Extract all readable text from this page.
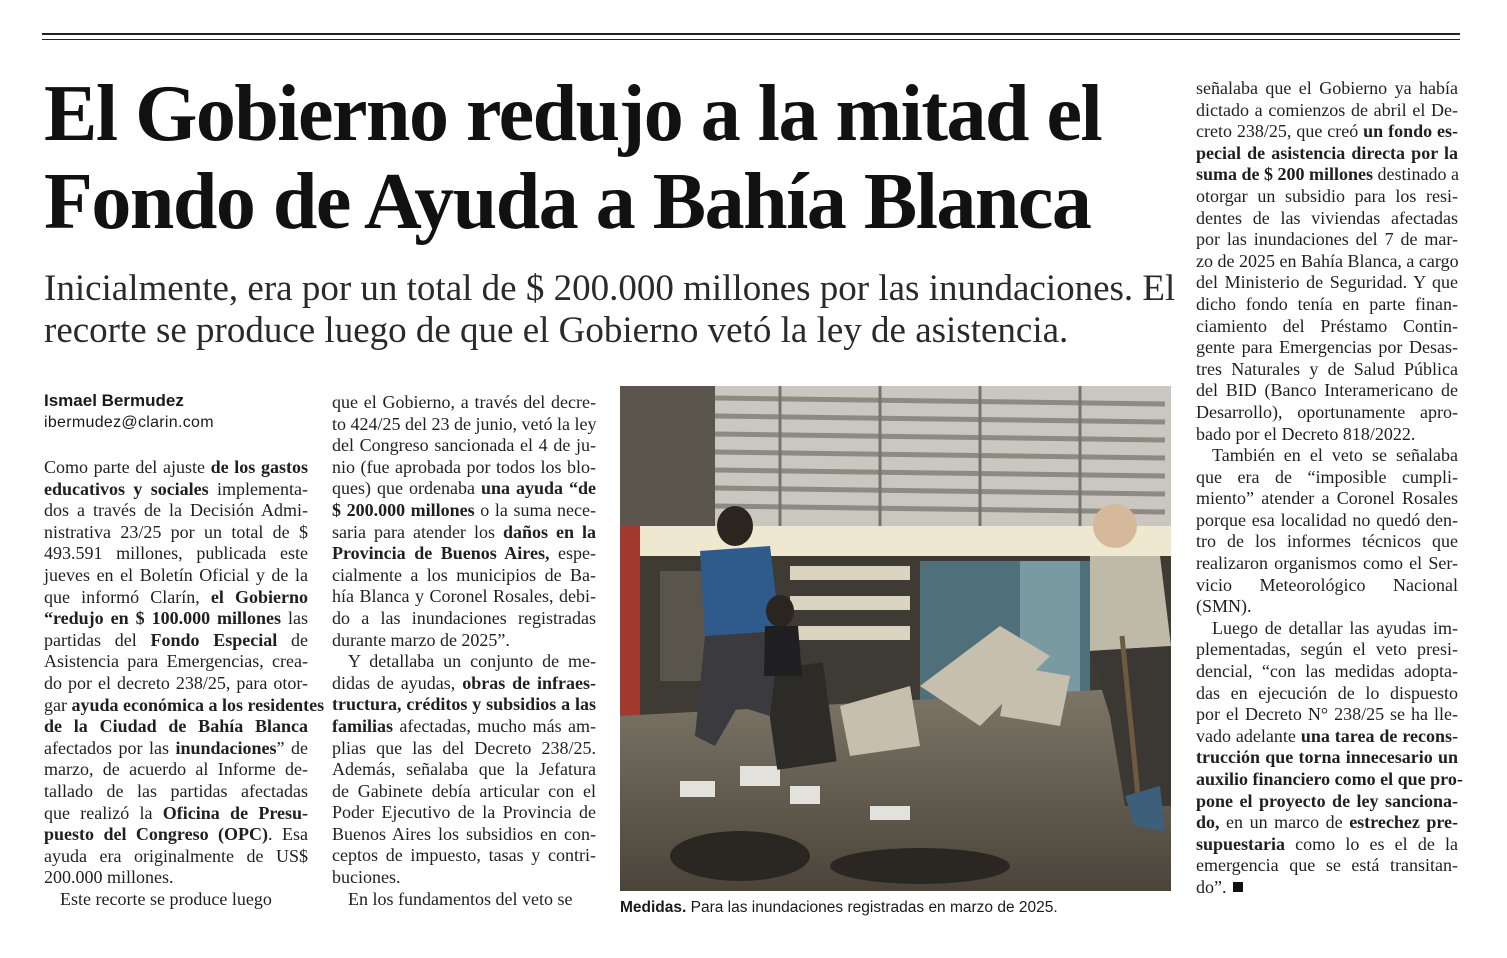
El Gobierno redujo a la mitad el
Fondo de Ayuda a Bahía Blanca
Inicialmente, era por un total de $ 200.000 millones por las inundaciones. El
recorte se produce luego de que el Gobierno vetó la ley de asistencia.
Ismael Bermudez
ibermudez@clarin.com
Como parte del ajuste de los gastos
educativos y sociales implementa-
dos a través de la Decisión Admi-
nistrativa 23/25 por un total de $
493.591 millones, publicada este
jueves en el Boletín Oficial y de la
que informó Clarín, el Gobierno
“redujo en $ 100.000 millones las
partidas del Fondo Especial de
Asistencia para Emergencias, crea-
do por el decreto 238/25, para otor-
gar ayuda económica a los residentes
de la Ciudad de Bahía Blanca
afectados por las inundaciones” de
marzo, de acuerdo al Informe de-
tallado de las partidas afectadas
que realizó la Oficina de Presu-
puesto del Congreso (OPC). Esa
ayuda era originalmente de US$
200.000 millones.
Este recorte se produce luego
que el Gobierno, a través del decre-
to 424/25 del 23 de junio, vetó la ley
del Congreso sancionada el 4 de ju-
nio (fue aprobada por todos los blo-
ques) que ordenaba una ayuda “de
$ 200.000 millones o la suma nece-
saria para atender los daños en la
Provincia de Buenos Aires, espe-
cialmente a los municipios de Ba-
hía Blanca y Coronel Rosales, debi-
do a las inundaciones registradas
durante marzo de 2025”.
Y detallaba un conjunto de me-
didas de ayudas, obras de infraes-
tructura, créditos y subsidios a las
familias afectadas, mucho más am-
plias que las del Decreto 238/25.
Además, señalaba que la Jefatura
de Gabinete debía articular con el
Poder Ejecutivo de la Provincia de
Buenos Aires los subsidios en con-
ceptos de impuesto, tasas y contri-
buciones.
En los fundamentos del veto se
señalaba que el Gobierno ya había
dictado a comienzos de abril el De-
creto 238/25, que creó un fondo es-
pecial de asistencia directa por la
suma de $ 200 millones destinado a
otorgar un subsidio para los resi-
dentes de las viviendas afectadas
por las inundaciones del 7 de mar-
zo de 2025 en Bahía Blanca, a cargo
del Ministerio de Seguridad. Y que
dicho fondo tenía en parte finan-
ciamiento del Préstamo Contin-
gente para Emergencias por Desas-
tres Naturales y de Salud Pública
del BID (Banco Interamericano de
Desarrollo), oportunamente apro-
bado por el Decreto 818/2022.
También en el veto se señalaba
que era de “imposible cumpli-
miento” atender a Coronel Rosales
porque esa localidad no quedó den-
tro de los informes técnicos que
realizaron organismos como el Ser-
vicio Meteorológico Nacional
(SMN).
Luego de detallar las ayudas im-
plementadas, según el veto presi-
dencial, “con las medidas adopta-
das en ejecución de lo dispuesto
por el Decreto N° 238/25 se ha lle-
vado adelante una tarea de recons-
trucción que torna innecesario un
auxilio financiero como el que pro-
pone el proyecto de ley sanciona-
do, en un marco de estrechez pre-
supuestaria como lo es el de la
emergencia que se está transitan-
do”.
Medidas. Para las inundaciones registradas en marzo de 2025.
